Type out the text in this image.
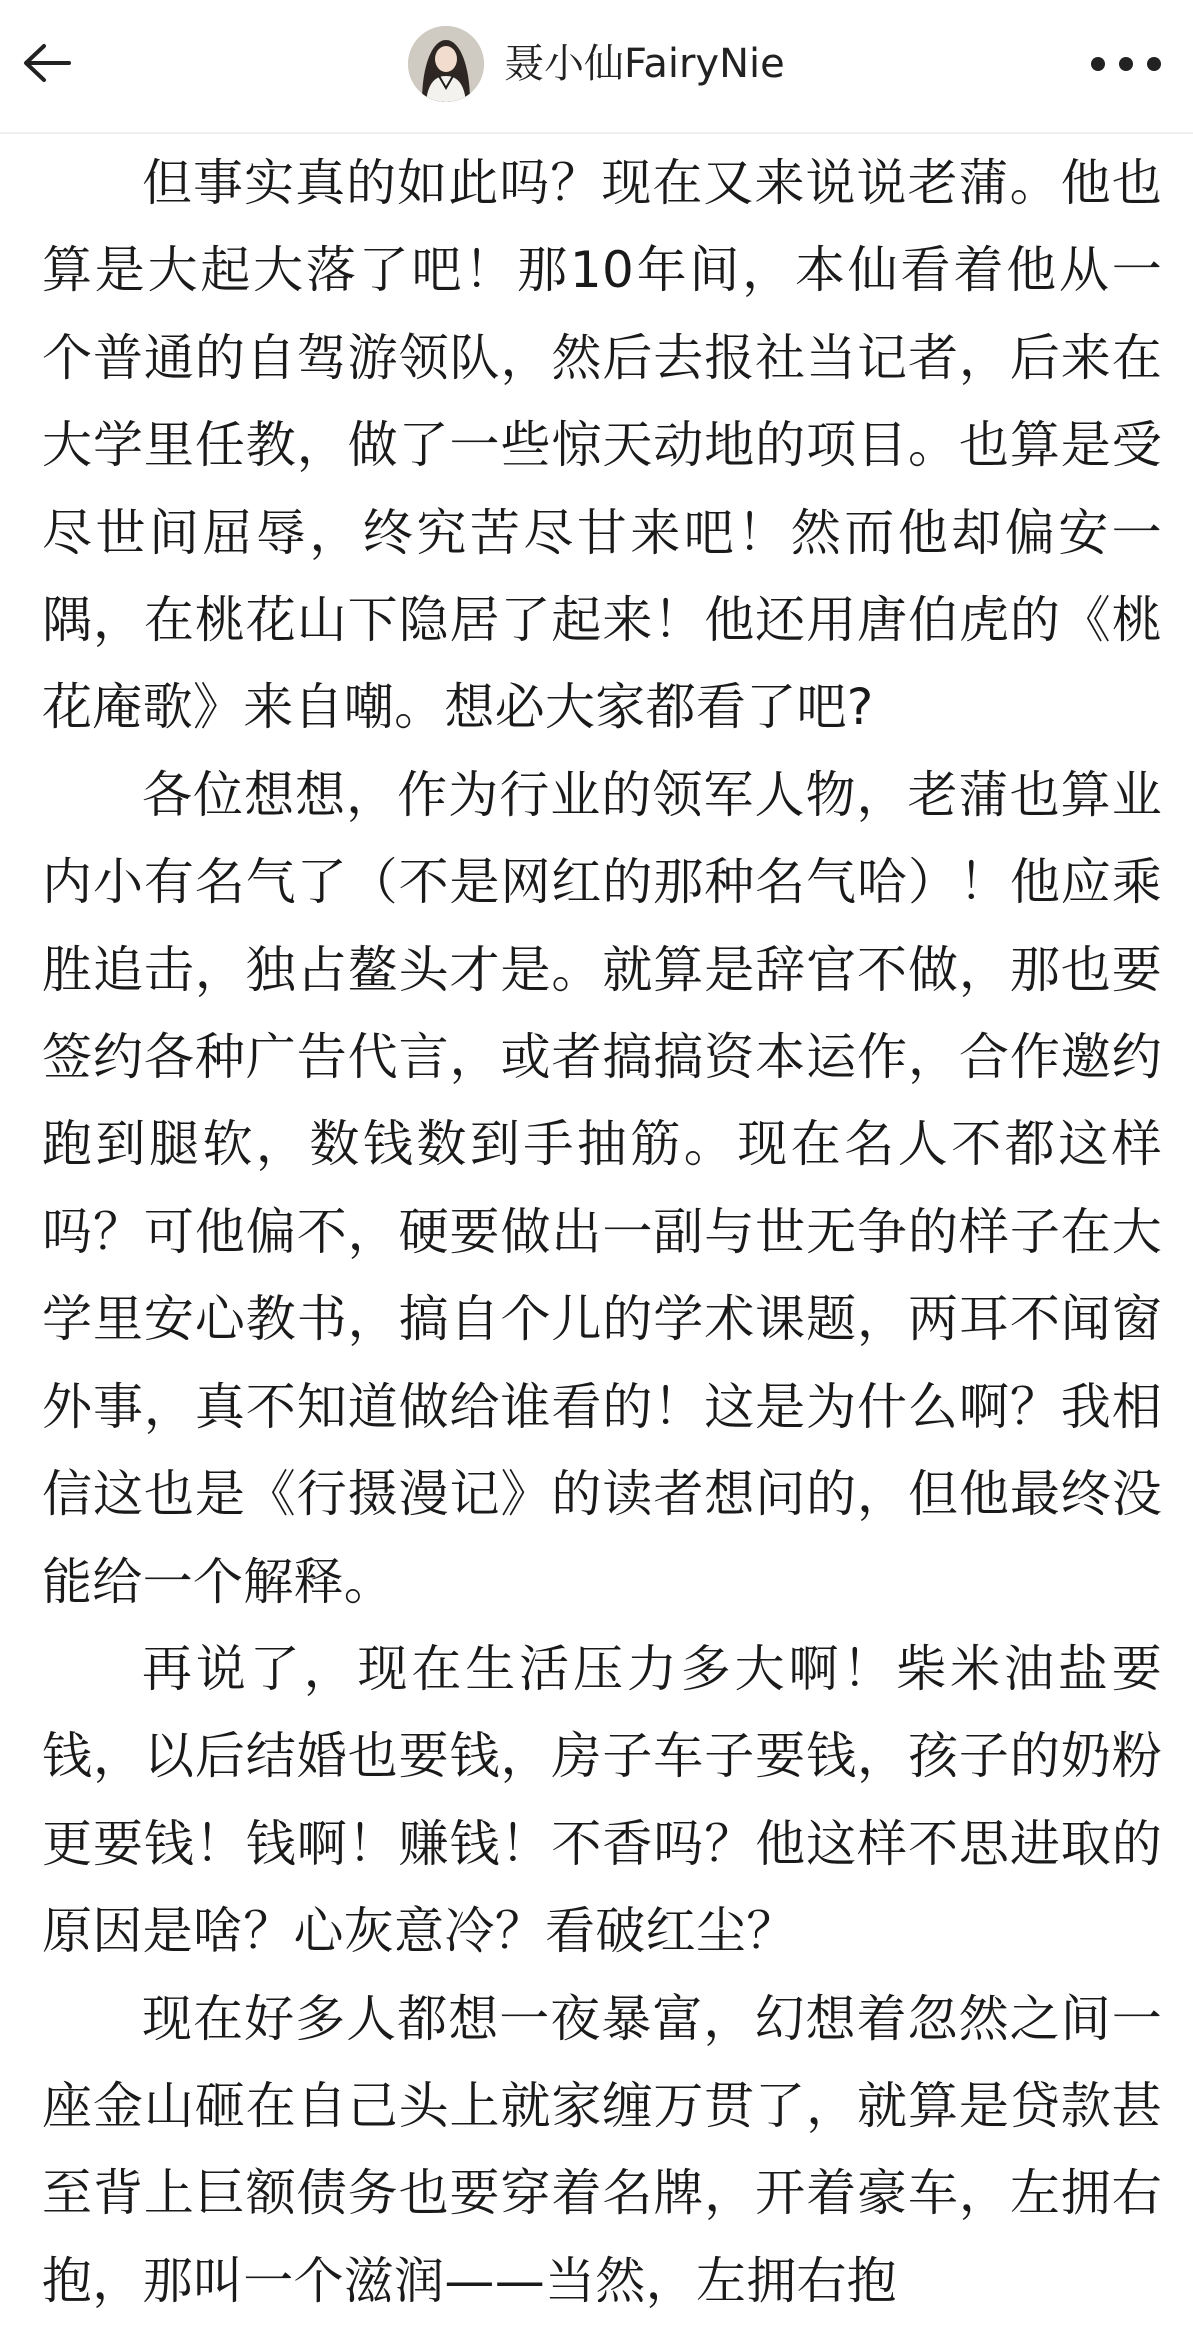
聂小仙FairyNie

但事实真的如此吗？现在又来说说老蒲。他也算是大起大落了吧！那10年间，本仙看着他从一个普通的自驾游领队，然后去报社当记者，后来在大学里任教，做了一些惊天动地的项目。也算是受尽世间屈辱，终究苦尽甘来吧！然而他却偏安一隅，在桃花山下隐居了起来！他还用唐伯虎的《桃花庵歌》来自嘲。想必大家都看了吧?

各位想想，作为行业的领军人物，老蒲也算业内小有名气了（不是网红的那种名气哈）！他应乘胜追击，独占鳌头才是。就算是辞官不做，那也要签约各种广告代言，或者搞搞资本运作，合作邀约跑到腿软，数钱数到手抽筋。现在名人不都这样吗？可他偏不，硬要做出一副与世无争的样子在大学里安心教书，搞自个儿的学术课题，两耳不闻窗外事，真不知道做给谁看的！这是为什么啊？我相信这也是《行摄漫记》的读者想问的，但他最终没能给一个解释。

再说了，现在生活压力多大啊！柴米油盐要钱，以后结婚也要钱，房子车子要钱，孩子的奶粉更要钱！钱啊！赚钱！不香吗？他这样不思进取的原因是啥？心灰意冷？看破红尘？

现在好多人都想一夜暴富，幻想着忽然之间一座金山砸在自己头上就家缠万贯了，就算是贷款甚至背上巨额债务也要穿着名牌，开着豪车，左拥右抱，那叫一个滋润——当然，左拥右抱
